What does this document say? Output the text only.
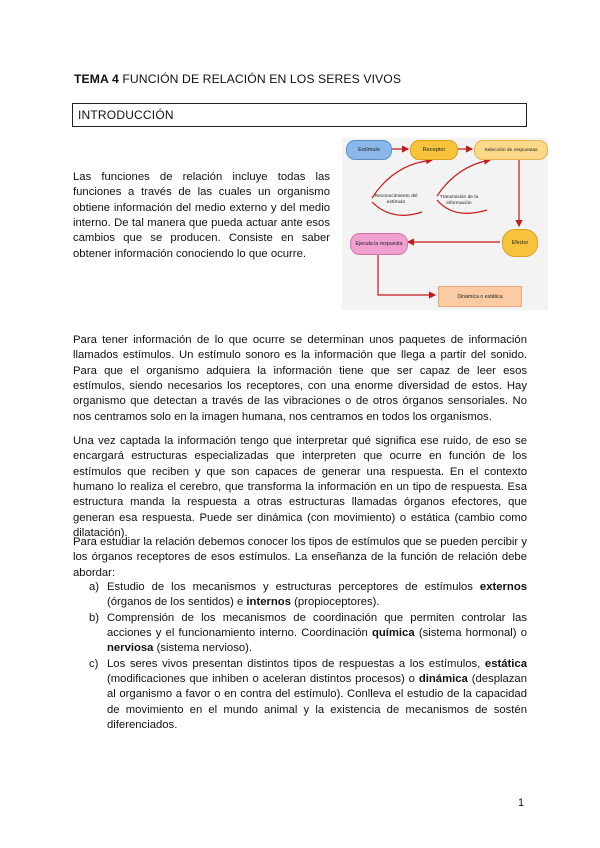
TEMA 4 FUNCIÓN DE RELACIÓN EN LOS SERES VIVOS
INTRODUCCIÓN

Las funciones de relación incluye todas las funciones a través de las cuales un organismo obtiene información del medio externo y del medio interno. De tal manera que pueda actuar ante esos cambios que se producen. Consiste en saber obtener información conociendo lo que ocurre.

Estímulo	Receptor	Selección de respuestas
Reconocimiento del estímulo
Transmisión de la información
Efector
Ejecuta la respuesta
Dinámica o estática

Para tener información de lo que ocurre se determinan unos paquetes de información llamados estímulos. Un estímulo sonoro es la información que llega a partir del sonido. Para que el organismo adquiera la información tiene que ser capaz de leer esos estímulos, siendo necesarios los receptores, con una enorme diversidad de estos. Hay organismo que detectan a través de las vibraciones o de otros órganos sensoriales. No nos centramos solo en la imagen humana, nos centramos en todos los organismos.

Una vez captada la información tengo que interpretar qué significa ese ruido, de eso se encargará estructuras especializadas que interpreten que ocurre en función de los estímulos que reciben y que son capaces de generar una respuesta. En el contexto humano lo realiza el cerebro, que transforma la información en un tipo de respuesta. Esa estructura manda la respuesta a otras estructuras llamadas órganos efectores, que generan esa respuesta. Puede ser dinámica (con movimiento) o estática (cambio como dilatación).

Para estudiar la relación debemos conocer los tipos de estímulos que se pueden percibir y los órganos receptores de esos estímulos. La enseñanza de la función de relación debe abordar:

a) Estudio de los mecanismos y estructuras perceptores de estímulos externos (órganos de los sentidos) e internos (propioceptores).
b) Comprensión de los mecanismos de coordinación que permiten controlar las acciones y el funcionamiento interno. Coordinación química (sistema hormonal) o nerviosa (sistema nervioso).
c) Los seres vivos presentan distintos tipos de respuestas a los estímulos, estática (modificaciones que inhiben o aceleran distintos procesos) o dinámica (desplazan al organismo a favor o en contra del estímulo). Conlleva el estudio de la capacidad de movimiento en el mundo animal y la existencia de mecanismos de sostén diferenciados.
1
